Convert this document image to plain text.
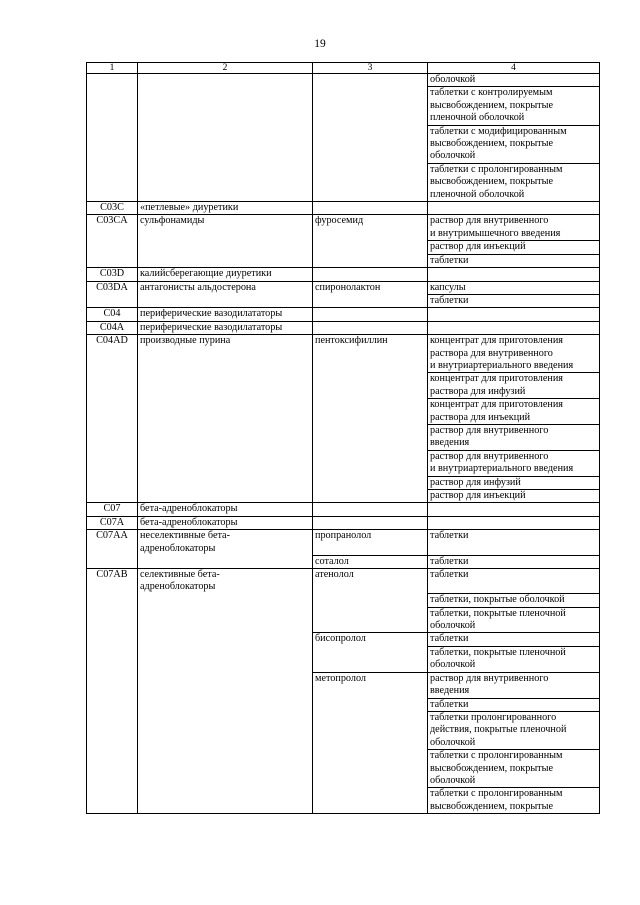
19
1	2	3	4

			оболочкой

			таблетки с контролируемым
высвобождением, покрытые
пленочной оболочкой

			таблетки с модифицированным
высвобождением, покрытые
оболочкой

			таблетки с пролонгированным
высвобождением, покрытые
пленочной оболочкой

C03C	«петлевые» диуретики		

C03CA	сульфонамиды	фуросемид	раствор для внутривенного
и внутримышечного введения

			раствор для инъекций

			таблетки

C03D	калийсберегающие диуретики		

C03DA	антагонисты альдостерона	спиронолактон	капсулы

			таблетки

C04	периферические вазодилататоры		

C04A	периферические вазодилататоры		

C04AD	производные пурина	пентоксифиллин	концентрат для приготовления
раствора для внутривенного
и внутриартериального введения

			концентрат для приготовления
раствора для инфузий

			концентрат для приготовления
раствора для инъекций

			раствор для внутривенного
введения

			раствор для внутривенного
и внутриартериального введения

			раствор для инфузий

			раствор для инъекций

C07	бета-адреноблокаторы		

C07A	бета-адреноблокаторы		

C07AA	неселективные бета-
адреноблокаторы	пропранолол	таблетки

		соталол	таблетки

C07AB	селективные бета-
адреноблокаторы	атенолол	таблетки

			таблетки, покрытые оболочкой

			таблетки, покрытые пленочной
оболочкой

		бисопролол	таблетки

			таблетки, покрытые пленочной
оболочкой

		метопролол	раствор для внутривенного
введения

			таблетки

			таблетки пролонгированного
действия, покрытые пленочной
оболочкой

			таблетки с пролонгированным
высвобождением, покрытые
оболочкой

			таблетки с пролонгированным
высвобождением, покрытые
